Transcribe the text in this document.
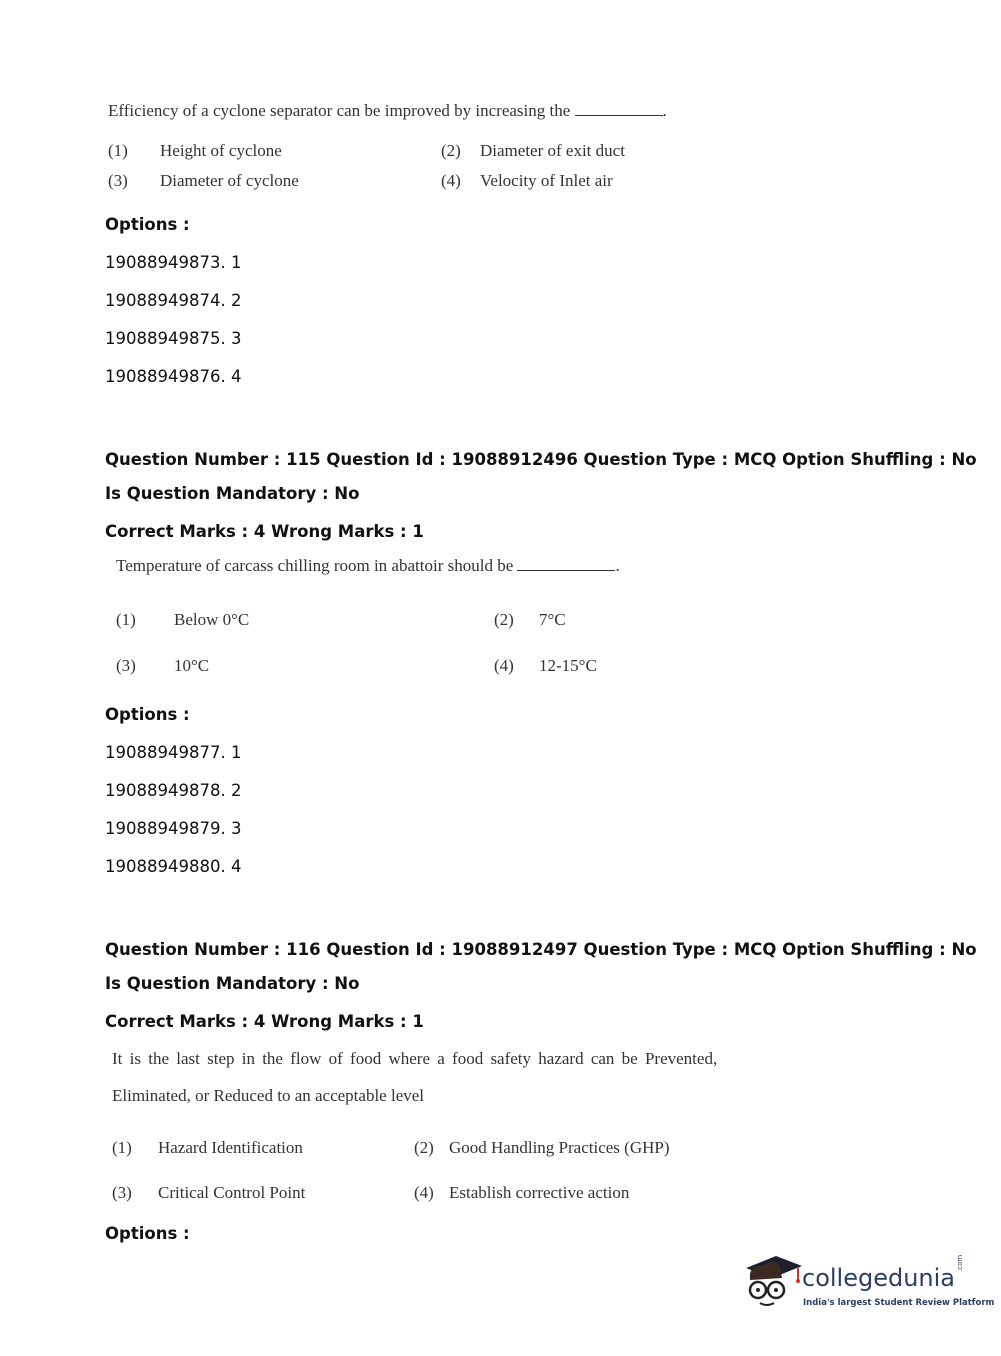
Efficiency of a cyclone separator can be improved by increasing the	.
(1) Height of cyclone	(2) Diameter of exit duct
(3) Diameter of cyclone	(4) Velocity of Inlet air
Options :
19088949873. 1
19088949874. 2
19088949875. 3
19088949876. 4
Question Number : 115 Question Id : 19088912496 Question Type : MCQ Option Shuffling : No
Is Question Mandatory : No
Correct Marks : 4 Wrong Marks : 1
Temperature of carcass chilling room in abattoir should be	.
(1) Below 0°C	(2) 7°C
(3) 10°C	(4) 12-15°C
Options :
19088949877. 1
19088949878. 2
19088949879. 3
19088949880. 4
Question Number : 116 Question Id : 19088912497 Question Type : MCQ Option Shuffling : No
Is Question Mandatory : No
Correct Marks : 4 Wrong Marks : 1
It is the last step in the flow of food where a food safety hazard can be Prevented,
Eliminated, or Reduced to an acceptable level
(1) Hazard Identification	(2) Good Handling Practices (GHP)
(3) Critical Control Point	(4) Establish corrective action
Options :
collegedunia
.com
India's largest Student Review Platform
